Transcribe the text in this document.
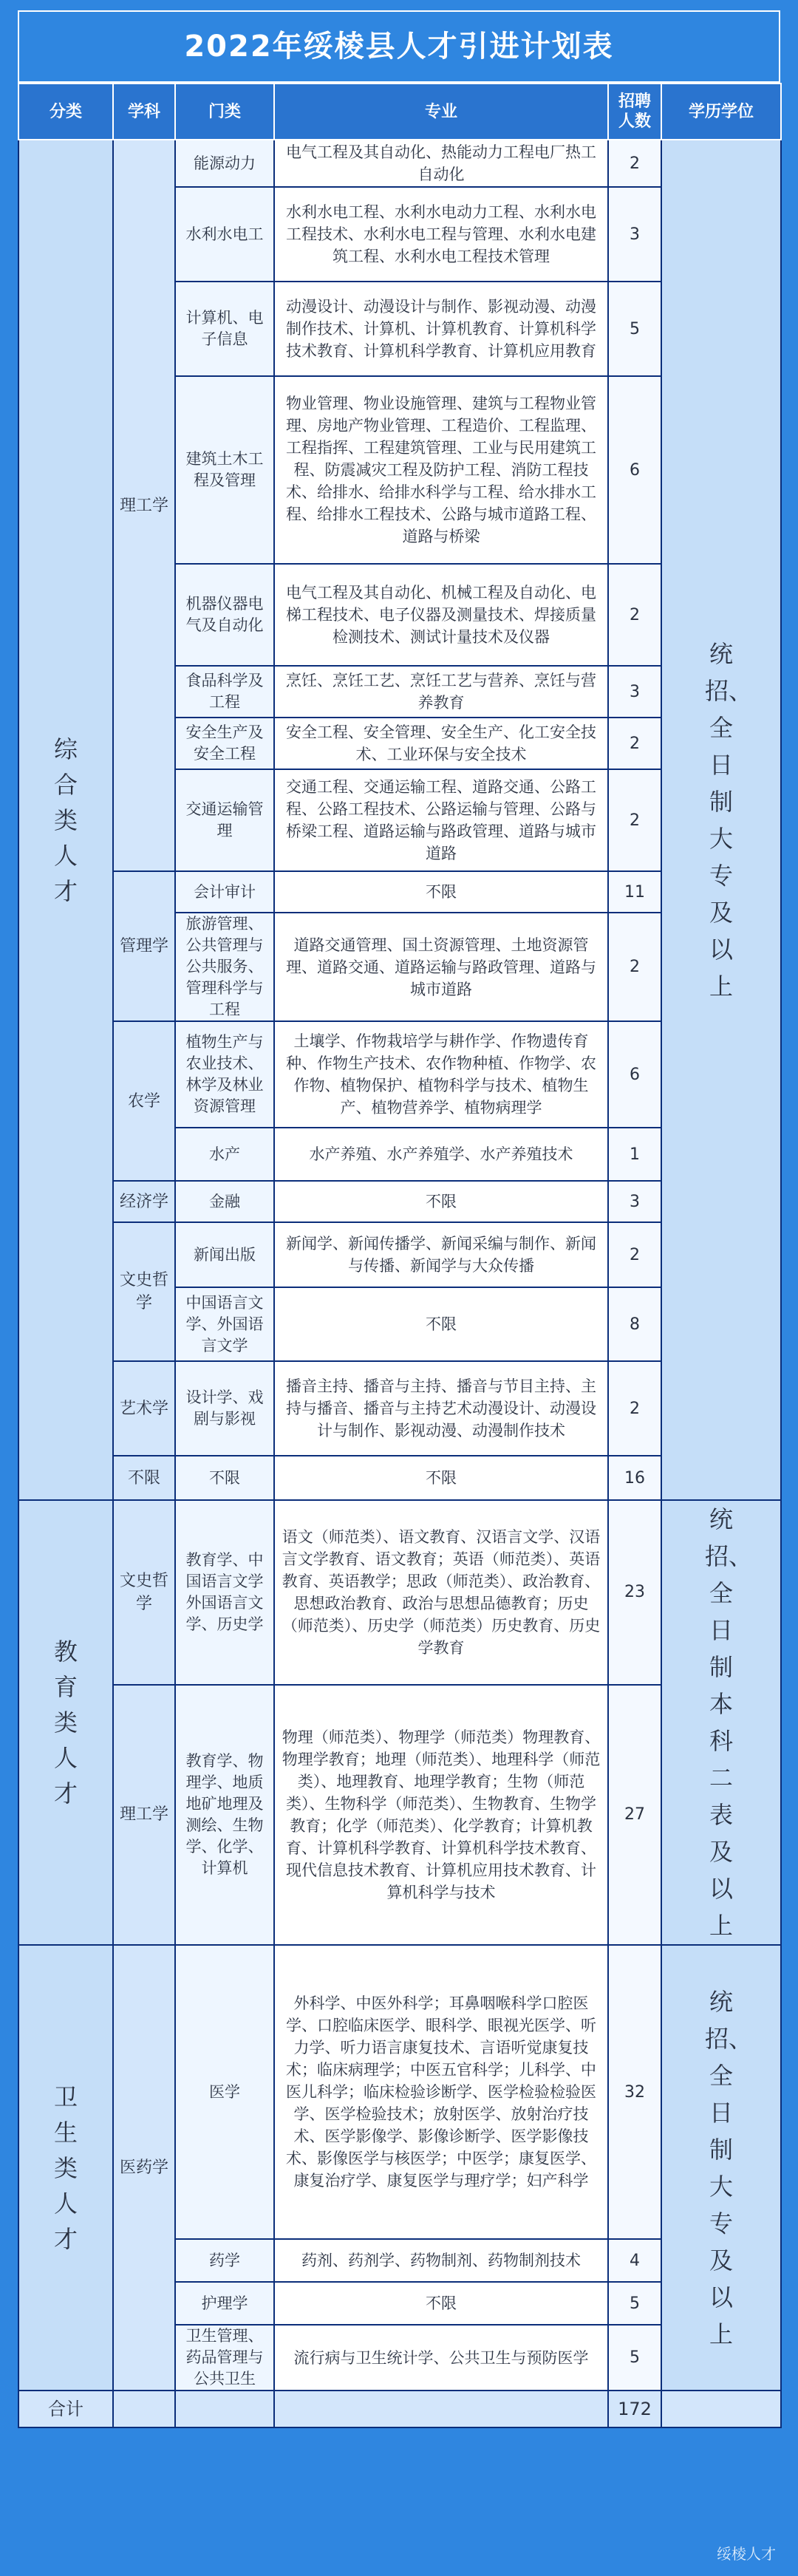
2022年绥棱县人才引进计划表
分类	学科	门类	专业	招聘人数	学历学位
综合类人才	理工学	能源动力	电气工程及其自动化、热能动力工程电厂热工自动化	2	统招、全日制大专及以上
		水利水电工	水利水电工程、水利水电动力工程、水利水电工程技术、水利水电工程与管理、水利水电建筑工程、水利水电工程技术管理	3	
		计算机、电子信息	动漫设计、动漫设计与制作、影视动漫、动漫制作技术、计算机、计算机教育、计算机科学技术教育、计算机科学教育、计算机应用教育	5	
		建筑土木工程及管理	物业管理、物业设施管理、建筑与工程物业管理、房地产物业管理、工程造价、工程监理、工程指挥、工程建筑管理、工业与民用建筑工程、防震减灾工程及防护工程、消防工程技术、给排水、给排水科学与工程、给水排水工程、给排水工程技术、公路与城市道路工程、道路与桥梁	6	
		机器仪器电气及自动化	电气工程及其自动化、机械工程及自动化、电梯工程技术、电子仪器及测量技术、焊接质量检测技术、测试计量技术及仪器	2	
		食品科学及工程	烹饪、烹饪工艺、烹饪工艺与营养、烹饪与营养教育	3	
		安全生产及安全工程	安全工程、安全管理、安全生产、化工安全技术、工业环保与安全技术	2	
		交通运输管理	交通工程、交通运输工程、道路交通、公路工程、公路工程技术、公路运输与管理、公路与桥梁工程、道路运输与路政管理、道路与城市道路	2	
	管理学	会计审计	不限	11	
		旅游管理、公共管理与公共服务、管理科学与工程	道路交通管理、国土资源管理、土地资源管理、道路交通、道路运输与路政管理、道路与城市道路	2	
	农学	植物生产与农业技术、林学及林业资源管理	土壤学、作物栽培学与耕作学、作物遗传育种、作物生产技术、农作物种植、作物学、农作物、植物保护、植物科学与技术、植物生产、植物营养学、植物病理学	6	
		水产	水产养殖、水产养殖学、水产养殖技术	1	
	经济学	金融	不限	3	
	文史哲学	新闻出版	新闻学、新闻传播学、新闻采编与制作、新闻与传播、新闻学与大众传播	2	
		中国语言文学、外国语言文学	不限	8	
	艺术学	设计学、戏剧与影视	播音主持、播音与主持、播音与节目主持、主持与播音、播音与主持艺术动漫设计、动漫设计与制作、影视动漫、动漫制作技术	2	
	不限	不限	不限	16	
教育类人才	文史哲学	教育学、中国语言文学外国语言文学、历史学	语文（师范类）、语文教育、汉语言文学、汉语言文学教育、语文教育；英语（师范类）、英语教育、英语教学；思政（师范类）、政治教育、思想政治教育、政治与思想品德教育；历史（师范类）、历史学（师范类）历史教育、历史学教育	23	统招、全日制本科二表及以上
	理工学	教育学、物理学、地质地矿地理及测绘、生物学、化学、计算机	物理（师范类）、物理学（师范类）物理教育、物理学教育；地理（师范类）、地理科学（师范类）、地理教育、地理学教育；生物（师范类）、生物科学（师范类）、生物教育、生物学教育；化学（师范类）、化学教育；计算机教育、计算机科学教育、计算机科学技术教育、现代信息技术教育、计算机应用技术教育、计算机科学与技术	27	
卫生类人才	医药学	医学	外科学、中医外科学；耳鼻咽喉科学口腔医学、口腔临床医学、眼科学、眼视光医学、听力学、听力语言康复技术、言语听觉康复技术；临床病理学；中医五官科学；儿科学、中医儿科学；临床检验诊断学、医学检验检验医学、医学检验技术；放射医学、放射治疗技术、医学影像学、影像诊断学、医学影像技术、影像医学与核医学；中医学；康复医学、康复治疗学、康复医学与理疗学；妇产科学	32	统招、全日制大专及以上
		药学	药剂、药剂学、药物制剂、药物制剂技术	4	
		护理学	不限	5	
		卫生管理、药品管理与公共卫生	流行病与卫生统计学、公共卫生与预防医学	5	
合计				172	
绥棱人才
